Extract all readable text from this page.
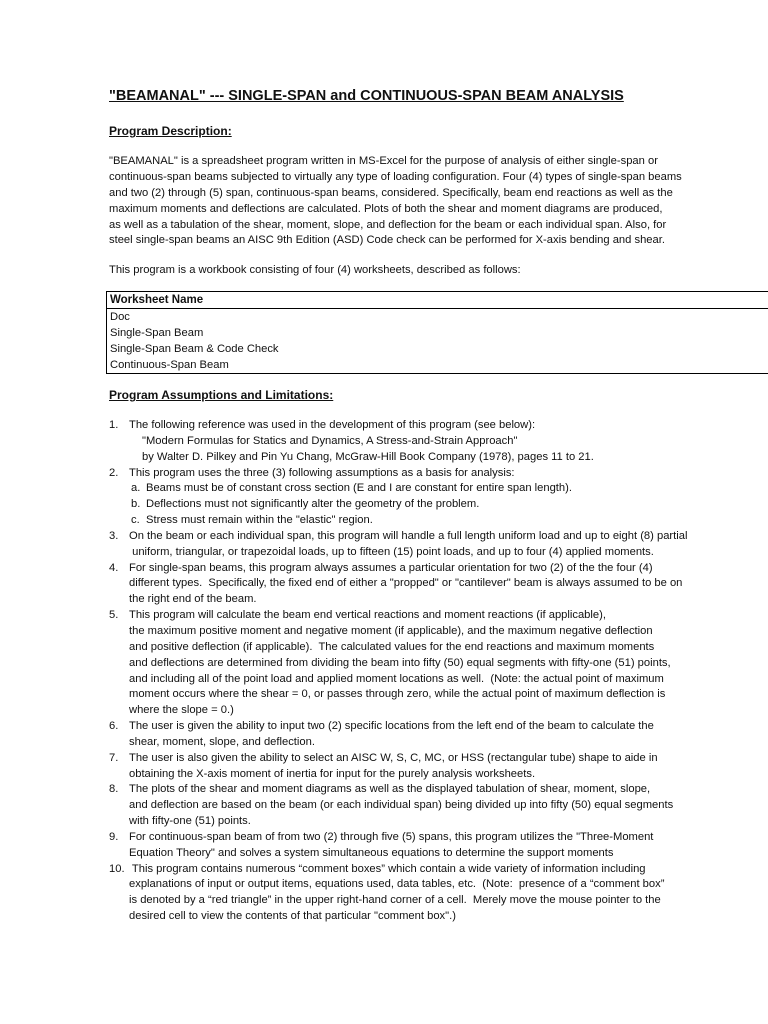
"BEAMANAL" --- SINGLE-SPAN and CONTINUOUS-SPAN BEAM ANALYSIS
Program Description:
"BEAMANAL" is a spreadsheet program written in MS-Excel for the purpose of analysis of either single-span or
continuous-span beams subjected to virtually any type of loading configuration. Four (4) types of single-span beams
and two (2) through (5) span, continuous-span beams, considered. Specifically, beam end reactions as well as the
maximum moments and deflections are calculated. Plots of both the shear and moment diagrams are produced,
as well as a tabulation of the shear, moment, slope, and deflection for the beam or each individual span. Also, for
steel single-span beams an AISC 9th Edition (ASD) Code check can be performed for X-axis bending and shear.
This program is a workbook consisting of four (4) worksheets, described as follows:
Worksheet Name
Doc
Single-Span Beam
Single-Span Beam & Code Check
Continuous-Span Beam
Program Assumptions and Limitations:
1. The following reference was used in the development of this program (see below):
"Modern Formulas for Statics and Dynamics, A Stress-and-Strain Approach"
by Walter D. Pilkey and Pin Yu Chang, McGraw-Hill Book Company (1978), pages 11 to 21.
2. This program uses the three (3) following assumptions as a basis for analysis:
a. Beams must be of constant cross section (E and I are constant for entire span length).
b. Deflections must not significantly alter the geometry of the problem.
c. Stress must remain within the "elastic" region.
3. On the beam or each individual span, this program will handle a full length uniform load and up to eight (8) partial
uniform, triangular, or trapezoidal loads, up to fifteen (15) point loads, and up to four (4) applied moments.
4. For single-span beams, this program always assumes a particular orientation for two (2) of the the four (4)
different types.  Specifically, the fixed end of either a "propped" or "cantilever" beam is always assumed to be on
the right end of the beam.
5. This program will calculate the beam end vertical reactions and moment reactions (if applicable),
the maximum positive moment and negative moment (if applicable), and the maximum negative deflection
and positive deflection (if applicable).  The calculated values for the end reactions and maximum moments
and deflections are determined from dividing the beam into fifty (50) equal segments with fifty-one (51) points,
and including all of the point load and applied moment locations as well.  (Note: the actual point of maximum
moment occurs where the shear = 0, or passes through zero, while the actual point of maximum deflection is
where the slope = 0.)
6. The user is given the ability to input two (2) specific locations from the left end of the beam to calculate the
shear, moment, slope, and deflection.
7. The user is also given the ability to select an AISC W, S, C, MC, or HSS (rectangular tube) shape to aide in
obtaining the X-axis moment of inertia for input for the purely analysis worksheets.
8. The plots of the shear and moment diagrams as well as the displayed tabulation of shear, moment, slope,
and deflection are based on the beam (or each individual span) being divided up into fifty (50) equal segments
with fifty-one (51) points.
9. For continuous-span beam of from two (2) through five (5) spans, this program utilizes the "Three-Moment
Equation Theory" and solves a system simultaneous equations to determine the support moments
10. This program contains numerous “comment boxes” which contain a wide variety of information including
explanations of input or output items, equations used, data tables, etc.  (Note:  presence of a “comment box”
is denoted by a “red triangle” in the upper right-hand corner of a cell.  Merely move the mouse pointer to the
desired cell to view the contents of that particular "comment box".)
